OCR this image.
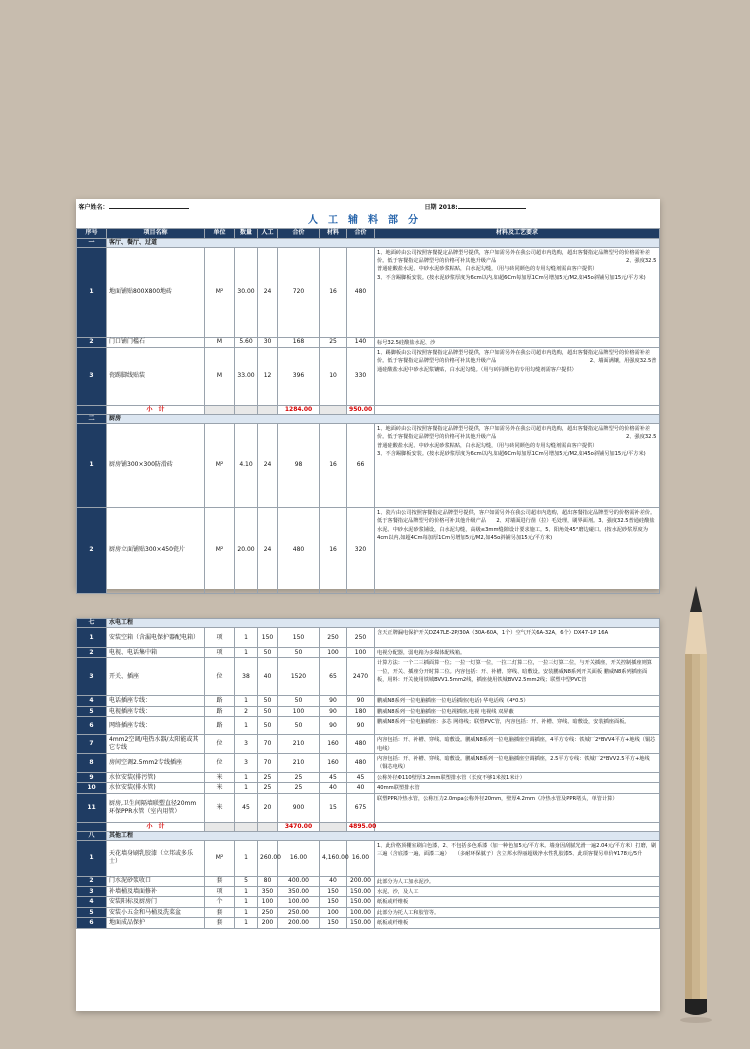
客户姓名：								日期 2018:
人工辅料部分								
序号	项目名称	单位	数量	人工	合价	材料	合价	材料及工艺要求
一	客厅、餐厅、过道							
1	地面铺贴800X800地砖	M²	30.00	24	720	16	480	1、地面砖由公司按照客餐提定品牌型号提供，客户如需另外在我公司超市内选购，超出客餐指定品牌型号的价格需补差价。低于客餐指定品牌型号的价格可补其他升级产品　　　　　　　　　　　　　　　　　　　　　　　　　2、强度32.5普通硅酸盐水泥、中砂水泥砂浆粘贴，白水泥勾缝，（用与砖同颜色的专用勾缝剂需由客户提供）　　　　　　　　　　　　　　　　　　　　　　　　　3、不含踢脚板安装。(按水泥砂浆厚度为6cm以内,如超6Cm每加厚1Cm另增加5元/M2,如45o斜铺另加15元/平方米)
2	门口铺门槛石	M	5.60	30	168	25	140	标号32.5硅酸盐水泥、沙
3	瓷踢脚线贴装	M	33.00	12	396	10	330	1、踢脚板由公司按照客餐指定品牌型号提供，客户如需另外在我公司超市内选购，超出客餐指定品牌型号的价格需补差价。低于客餐指定品牌型号的价格可补其他升级产品　　　　　　　　　　　　　　　　　　2、墙面满镶，用强度32.5普通硅酸盐水泥中砂水泥浆镶贴，白水泥勾缝。（用与砖同颜色的专用勾缝剂需客户提供）
	小　计				1284.00		950.00	
二	厨房							
1	厨房铺300×300防滑砖	M²	4.10	24	98	16	66	1、地面砖由公司按照客餐指定品牌型号提供，客户如需另外在我公司超市内选购，超出客餐指定品牌型号的价格需补差价。低于客餐指定品牌型号的价格可补其他升级产品　　　　　　　　　　　　　　　　　　　　　　　　　2、强度32.5普通硅酸盐水泥、中砂水泥砂浆粘贴，白水泥勾缝，（用与砖同颜色的专用勾缝剂需由客户提供）　　　　　　　　　　　　　　　　　　　　　　　　　3、不含踢脚板安装。(按水泥砂浆厚度为6cm以内,如超6Cm每加厚1Cm另增加5元/M2,如45o斜铺另加15元/平方米)
2	厨房立面铺贴300×450瓷片	M²	20.00	24	480	16	320	1、瓷片由公司按照客餐指定品牌型号提供，客户如需另外在我公司超市内选购，超出客餐指定品牌型号的价格需补差价。低于客餐指定品牌型号的价格可补其他升级产品　　2、对墙面进行凿（拉）毛处理，刷界面剂。3、强度32.5普通硅酸盐水泥、中砂水泥砂浆铺设，白水泥勾缝，高级≤3mm缝隙设计要求施工。5、阳角处45°磨边碰口。(按水泥砂浆厚度为4cm以内,如超4Cm每加厚1Cm另增加5元/M2,如45o斜铺另加15元/平方米)
七	水电工程							
1	安装空箱（含漏电保护器配电箱）	项	1	150	150	250	250	含天正牌漏电保护开关DZ47LE-2P/30A（30A-60A，1个）空气开关6A-32A，6个）DX47-1P 16A
2	电视、电话集中箱	项	1	50	50	100	100	电视分配器，弱电箱为多媒体配线箱。
3	开关、插座	位	38	40	1520	65	2470	计算方法：一个二三插面算一位；一拉一灯算一位，一拉二灯算二位，一拉三灯算二位，与开关插座，开关控制插座则算一位，开关、插座分开时算二位。内容包括：开、补槽、穿线、暗敷设。安装鹏威N8系列开关面板 鹏威N8系列插座面板，用料：开关使用铁城BVV1.5mm2线，插座使用铁城BVV2.5mm2线；联塑中型PVC管
4	电话插座专线：	路	1	50	50	90	90	鹏威N8系列一位电脑插座一位电话插座(电话) 华电话线（4*0.5）
5	电视插座专线：	路	2	50	100	90	180	鹏威N8系列一位电脑插座一位电视插座,电视 电视线 双屏蔽
6	网络插座专线：	路	1	50	50	90	90	鹏威N8系列一位电脑插座：多芯 网络线；联塑PVC管，内容包括：开、补槽、穿线、暗敷设，安装插座面板。
7	4mm2空调/电热水器/太阳能或其它专线	位	3	70	210	160	480	内容包括：开、补槽、穿线、暗敷设。鹏威N8系列一位电脑插座空调插座，4平方专线：铁城厂2*BVV4平方+地线（铜芯电线）
8	房间空调2.5mm2专线插座	位	3	70	210	160	480	内容包括：开、补槽、穿线、暗敷设。鹏威N8系列一位电脑插座空调插座，2.5平方专线：铁城厂2*BVV2.5平方+地线（铜芯电线）
9	水位安装(排污管)	米	1	25	25	45	45	公称外径Φ110壁厚3.2mm联塑排水管（长度不够1米按1米计）
10	水位安装(排水管)	米	1	25	25	40	40	40mm联塑排水管
11	厨房,卫生间隔墙联塑直径20mm环保PPR水管（室内用管）	米	45	20	900	15	675	联塑PPR冷热水管，公称压力2.0mpa公称外径20mm，壁厚4.2mm（冷热水管及PPR堵头，单管计算）
	小　计				3470.00		4895.00	
八	其他工程							
1	天花墙身刷乳胶漆（立邦或多乐士）	M²	1	260.00	16.00	4,160.00	16.00	1、此价格顶棚室刷白色漆，2、不包括多色系漆（加一种色加5元/平方米。墙身因刮腻光滑一遍2.04元/平方米）打磨，刷三遍（含底漆一遍，面漆二遍）　　（多耐环保腻子）含立邦水得丽超级净水性乳胶漆5、此项客餐另单价¥178元/5升
2	门水泥砂浆收口	套	5	80	400.00	40	200.00	此部分为人工加水泥沙。
3	补墙桶及墙面修补	项	1	350	350.00	150	150.00	水泥、沙，及人工
4	安装阳标及厨房门	个	1	100	100.00	150	150.00	纸板或纤维板
5	安装小五金和马桶及洗菜盆	套	1	250	250.00	100	100.00	此部分为托人工和胶管等。
6	地面成品保护	套	1	200	200.00	150	150.00	纸板或纤维板
